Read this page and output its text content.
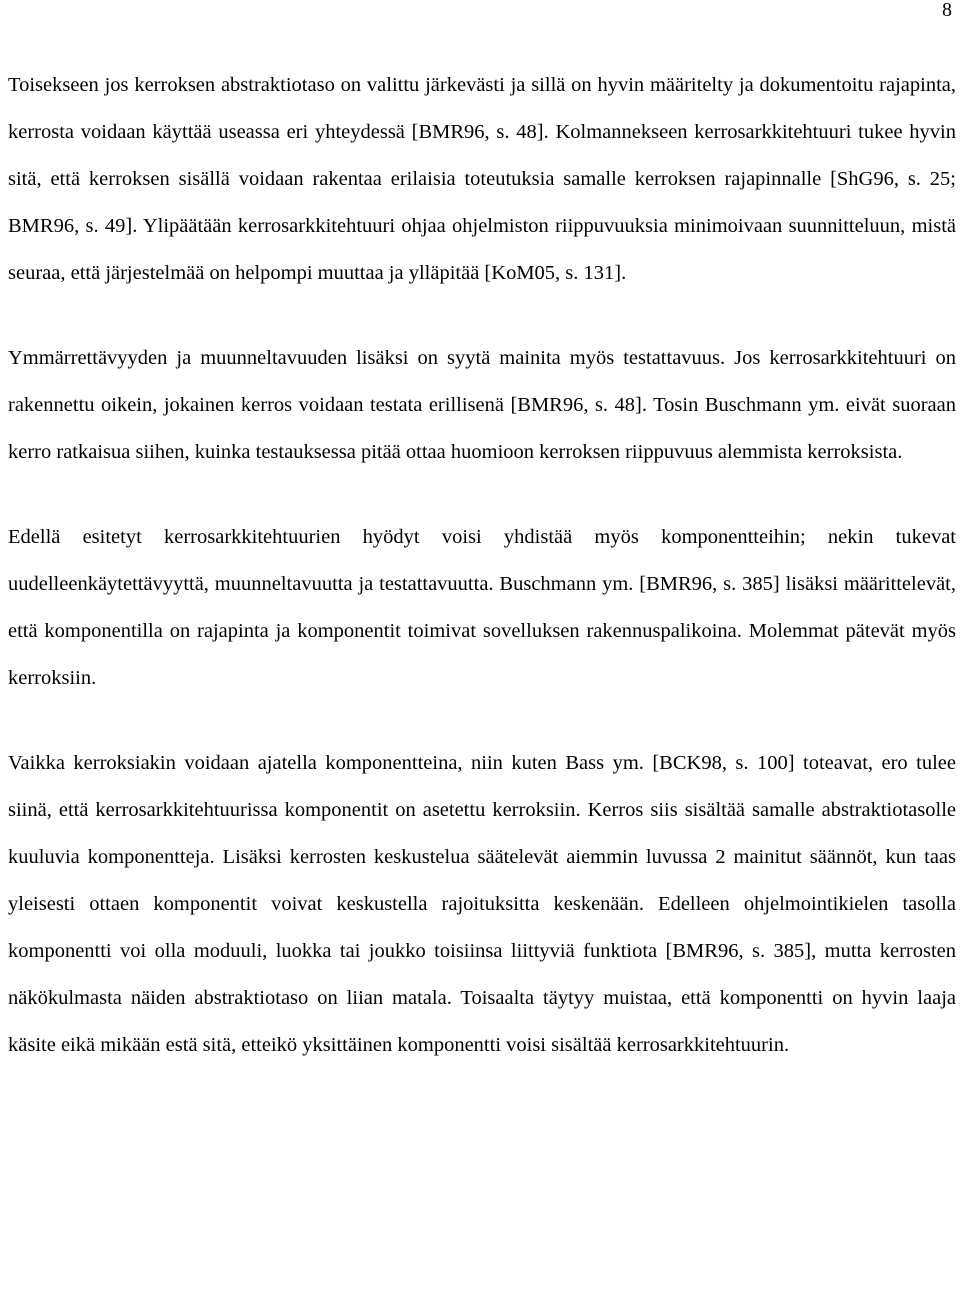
8

Toisekseen jos kerroksen abstraktiotaso on valittu järkevästi ja sillä on hyvin määritelty ja dokumentoitu rajapinta, kerrosta voidaan käyttää useassa eri yhteydessä [BMR96, s. 48]. Kolmannekseen kerrosarkkitehtuuri tukee hyvin sitä, että kerroksen sisällä voidaan rakentaa erilaisia toteutuksia samalle kerroksen rajapinnalle [ShG96, s. 25; BMR96, s. 49]. Ylipäätään kerrosarkkitehtuuri ohjaa ohjelmiston riippuvuuksia minimoivaan suunnitteluun, mistä seuraa, että järjestelmää on helpompi muuttaa ja ylläpitää [KoM05, s. 131].

Ymmärrettävyyden ja muunneltavuuden lisäksi on syytä mainita myös testattavuus. Jos kerrosarkkitehtuuri on rakennettu oikein, jokainen kerros voidaan testata erillisenä [BMR96, s. 48]. Tosin Buschmann ym. eivät suoraan kerro ratkaisua siihen, kuinka testauksessa pitää ottaa huomioon kerroksen riippuvuus alemmista kerroksista.

Edellä esitetyt kerrosarkkitehtuurien hyödyt voisi yhdistää myös komponentteihin; nekin tukevat uudelleenkäytettävyyttä, muunneltavuutta ja testattavuutta. Buschmann ym. [BMR96, s. 385] lisäksi määrittelevät, että komponentilla on rajapinta ja komponentit toimivat sovelluksen rakennuspalikoina. Molemmat pätevät myös kerroksiin.

Vaikka kerroksiakin voidaan ajatella komponentteina, niin kuten Bass ym. [BCK98, s. 100] toteavat, ero tulee siinä, että kerrosarkkitehtuurissa komponentit on asetettu kerroksiin. Kerros siis sisältää samalle abstraktiotasolle kuuluvia komponentteja. Lisäksi kerrosten keskustelua säätelevät aiemmin luvussa 2 mainitut säännöt, kun taas yleisesti ottaen komponentit voivat keskustella rajoituksitta keskenään. Edelleen ohjelmointikielen tasolla komponentti voi olla moduuli, luokka tai joukko toisiinsa liittyviä funktiota [BMR96, s. 385], mutta kerrosten näkökulmasta näiden abstraktiotaso on liian matala. Toisaalta täytyy muistaa, että komponentti on hyvin laaja käsite eikä mikään estä sitä, etteikö yksittäinen komponentti voisi sisältää kerrosarkkitehtuurin.
